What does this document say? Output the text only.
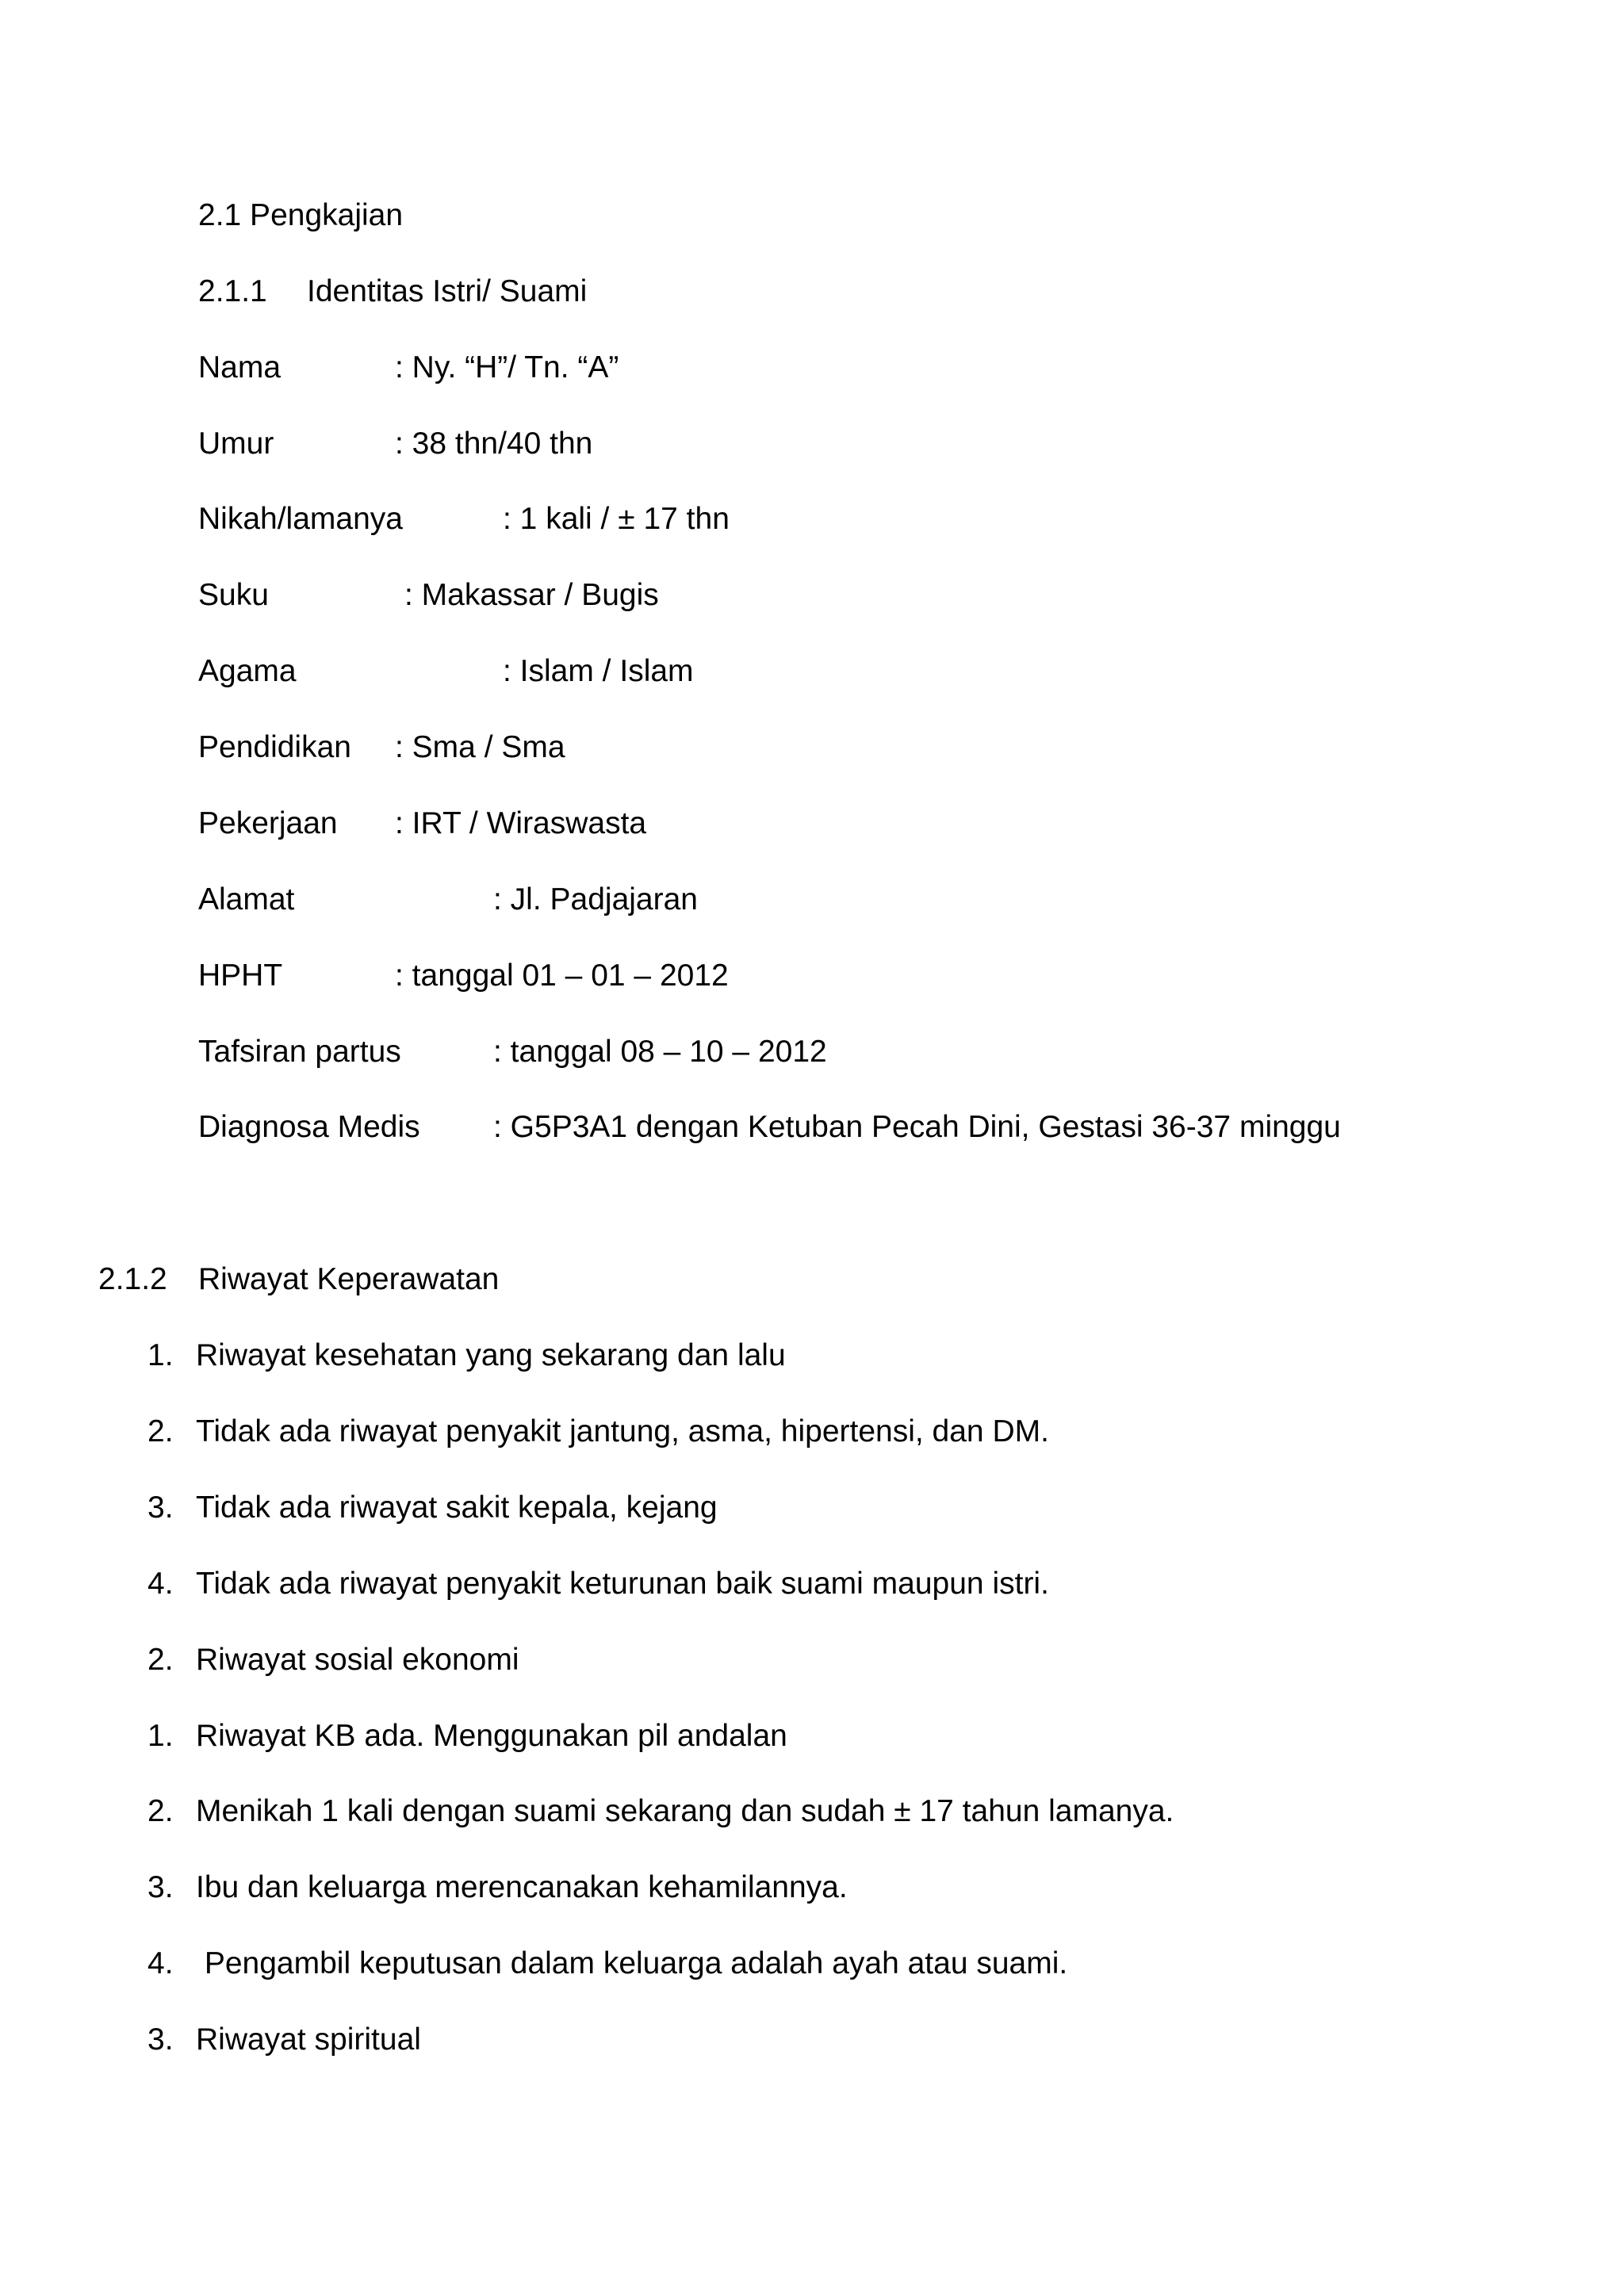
2.1 Pengkajian
2.1.1 Identitas Istri/ Suami
Nama	: Ny. “H”/ Tn. “A”
Umur	: 38 thn/40 thn
Nikah/lamanya	: 1 kali / ± 17 thn
Suku	: Makassar / Bugis
Agama	: Islam / Islam
Pendidikan : Sma / Sma
Pekerjaan : IRT / Wiraswasta
Alamat	: Jl. Padjajaran
HPHT	: tanggal 01 – 01 – 2012
Tafsiran partus	: tanggal 08 – 10 – 2012
Diagnosa Medis : G5P3A1 dengan Ketuban Pecah Dini, Gestasi 36-37 minggu
2.1.2 Riwayat Keperawatan
1. Riwayat kesehatan yang sekarang dan lalu
2. Tidak ada riwayat penyakit jantung, asma, hipertensi, dan DM.
3. Tidak ada riwayat sakit kepala, kejang
4. Tidak ada riwayat penyakit keturunan baik suami maupun istri.
2. Riwayat sosial ekonomi
1. Riwayat KB ada. Menggunakan pil andalan
2. Menikah 1 kali dengan suami sekarang dan sudah ± 17 tahun lamanya.
3. Ibu dan keluarga merencanakan kehamilannya.
4. Pengambil keputusan dalam keluarga adalah ayah atau suami.
3. Riwayat spiritual
